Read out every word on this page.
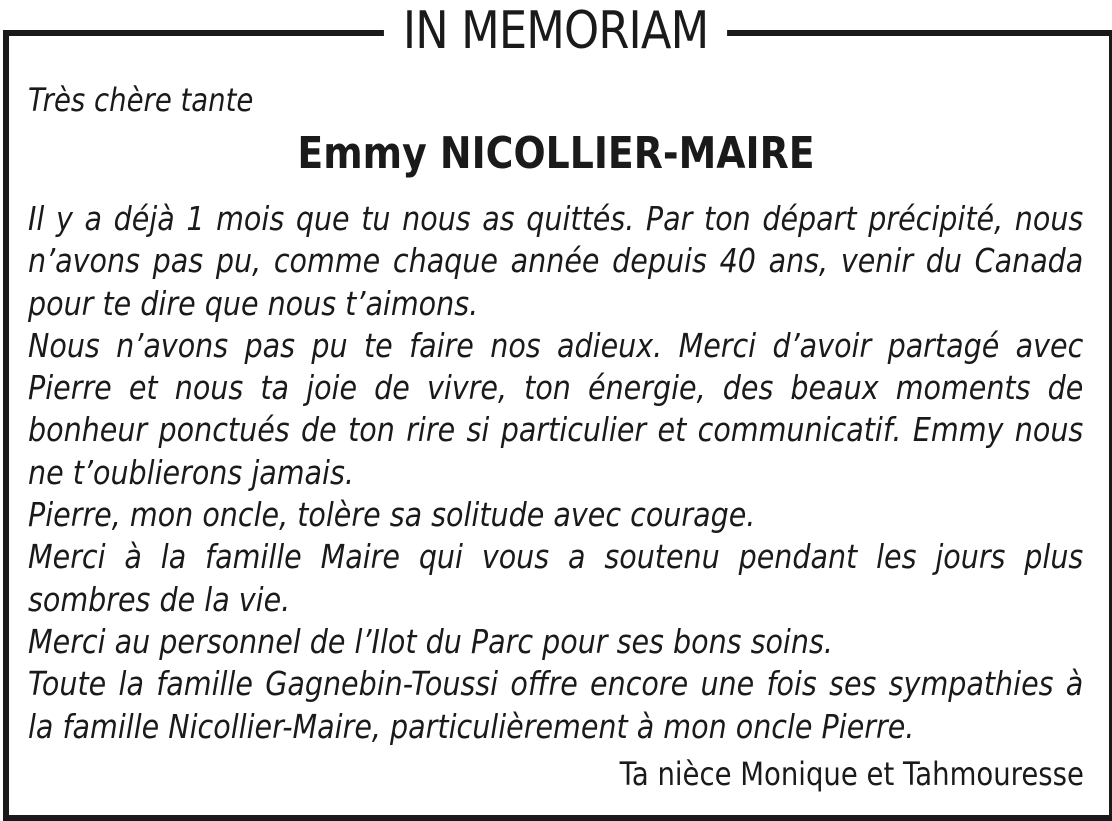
IN MEMORIAM
Très chère tante
Emmy NICOLLIER-MAIRE

Il y a déjà 1 mois que tu nous as quittés. Par ton départ précipité, nous n’avons pas pu, comme chaque année depuis 40 ans, venir du Canada pour te dire que nous t’aimons.

Nous n’avons pas pu te faire nos adieux. Merci d’avoir partagé avec Pierre et nous ta joie de vivre, ton énergie, des beaux moments de bonheur ponctués de ton rire si particulier et communicatif. Emmy nous ne t’oublierons jamais.

Pierre, mon oncle, tolère sa solitude avec courage.

Merci à la famille Maire qui vous a soutenu pendant les jours plus sombres de la vie.

Merci au personnel de l’Ilot du Parc pour ses bons soins.

Toute la famille Gagnebin-Toussi offre encore une fois ses sympathies à la famille Nicollier-Maire, particulièrement à mon oncle Pierre.

Ta nièce Monique et Tahmouresse
